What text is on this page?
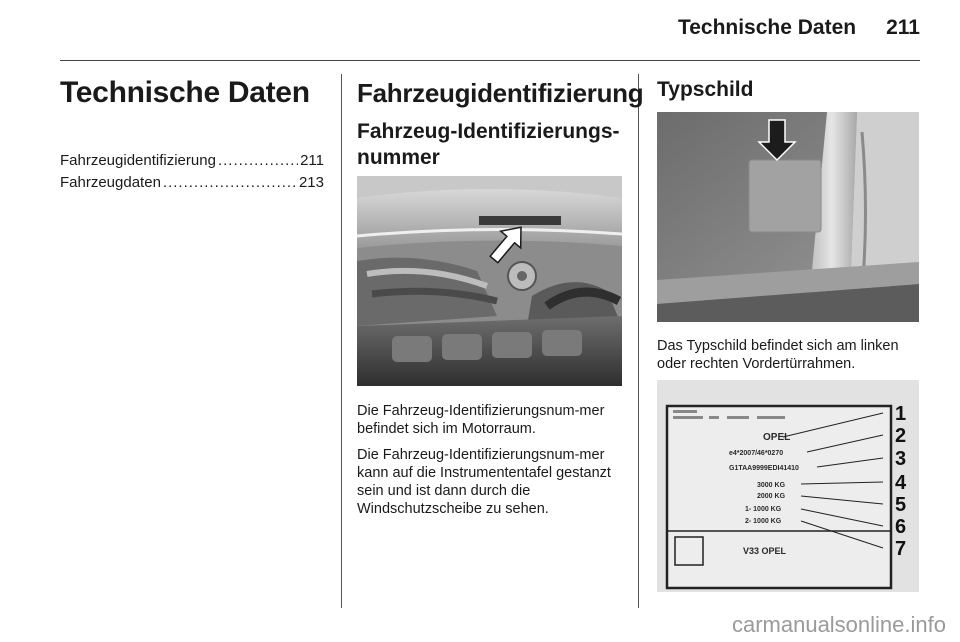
Technische Daten 211
Technische Daten
Fahrzeugidentifizierung .....	211
Fahrzeugdaten .....	213
Fahrzeugidentifizierung
Fahrzeug-Identifizierungs-nummer

Die Fahrzeug-Identifizierungsnum-mer befindet sich im Motorraum.

Die Fahrzeug-Identifizierungsnum-mer kann auf die Instrumententafel gestanzt sein und ist dann durch die Windschutzscheibe zu sehen.

Typschild
Das Typschild befindet sich am linken oder rechten Vordertürrahmen.
OPEL
e4*2007/46*0270
G1TAA9999EDI41410
3000 KG
2000 KG
1- 1000 KG
2- 1000 KG
V33 OPEL
1
2
3
4
5
6
7
carmanualsonline.info
